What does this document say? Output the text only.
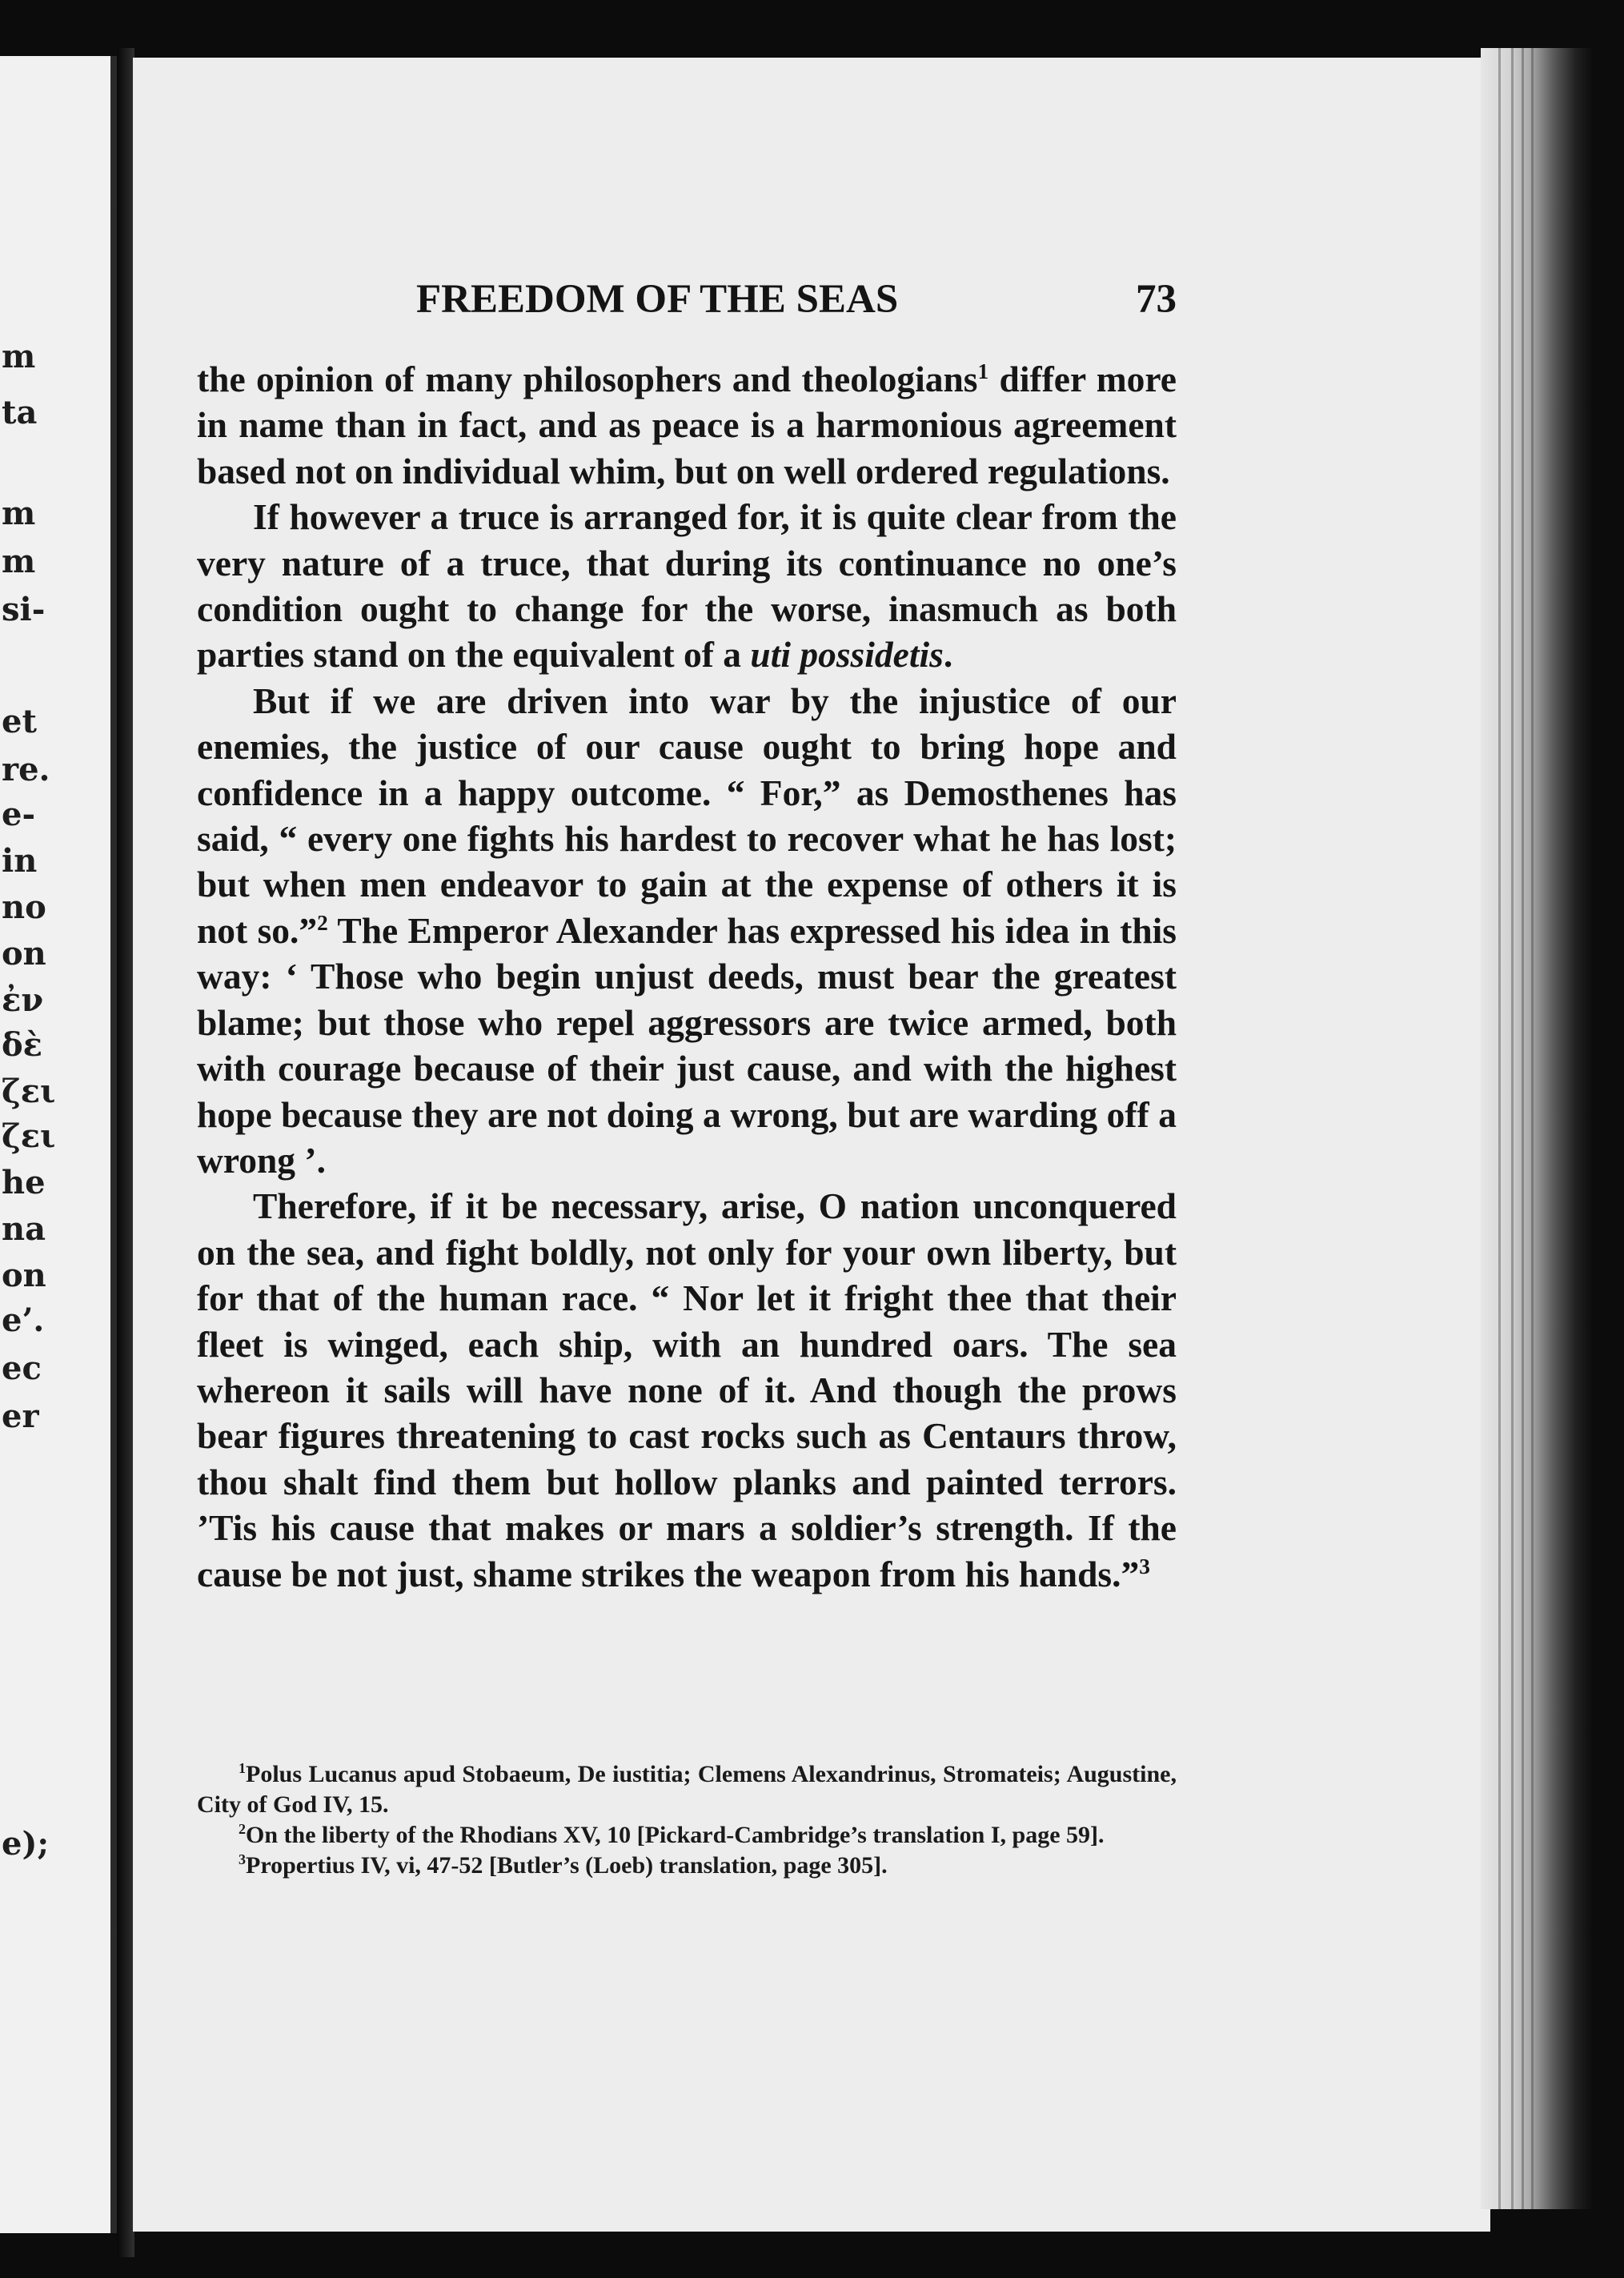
m
ta
m
m
si-
et
re.
e-
in
no
on
ἐν
δὲ
ζει
ζει
he
na
on
e’.
ec
er
e);
FREEDOM OF THE SEAS	73

the opinion of many philosophers and theologians$^1$ differ more in name than in fact, and as peace is a harmonious agreement based not on individual whim, but on well ordered regulations.

If however a truce is arranged for, it is quite clear from the very nature of a truce, that during its continuance no one’s condition ought to change for the worse, inasmuch as both parties stand on the equivalent of a uti possidetis.

But if we are driven into war by the injustice of our enemies, the justice of our cause ought to bring hope and confidence in a happy outcome. “ For,” as Demosthenes has said, “ every one fights his hardest to recover what he has lost; but when men endeavor to gain at the expense of others it is not so.”$^2$ The Emperor Alexander has expressed his idea in this way: ‘ Those who begin unjust deeds, must bear the greatest blame; but those who repel aggressors are twice armed, both with courage because of their just cause, and with the highest hope because they are not doing a wrong, but are warding off a wrong ’.

Therefore, if it be necessary, arise, O nation unconquered on the sea, and fight boldly, not only for your own liberty, but for that of the human race. “ Nor let it fright thee that their fleet is winged, each ship, with an hundred oars. The sea whereon it sails will have none of it. And though the prows bear figures threatening to cast rocks such as Centaurs throw, thou shalt find them but hollow planks and painted terrors. ’Tis his cause that makes or mars a soldier’s strength. If the cause be not just, shame strikes the weapon from his hands.”$^3$

$^1$Polus Lucanus apud Stobaeum, De iustitia; Clemens Alexandrinus, Stromateis; Augustine, City of God IV, 15.

$^2$On the liberty of the Rhodians XV, 10 [Pickard-Cambridge’s translation I, page 59].

$^3$Propertius IV, vi, 47-52 [Butler’s (Loeb) translation, page 305].
